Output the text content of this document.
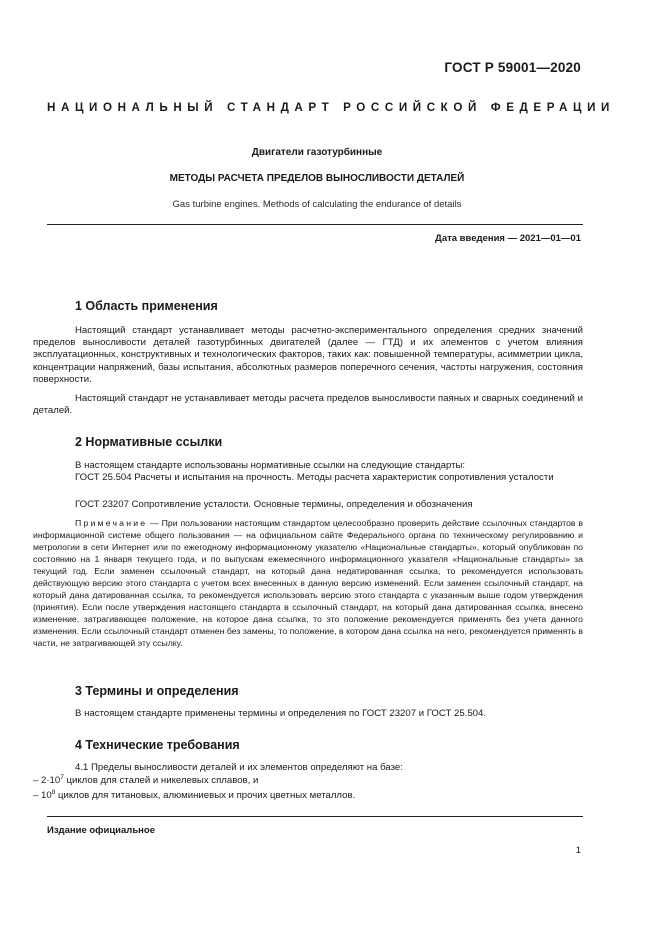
ГОСТ Р 59001—2020
НАЦИОНАЛЬНЫЙ СТАНДАРТ РОССИЙСКОЙ ФЕДЕРАЦИИ
Двигатели газотурбинные
МЕТОДЫ РАСЧЕТА ПРЕДЕЛОВ ВЫНОСЛИВОСТИ ДЕТАЛЕЙ
Gas turbine engines. Methods of calculating the endurance of details
Дата введения — 2021—01—01
1 Область применения

Настоящий стандарт устанавливает методы расчетно-экспериментального определения средних значений пределов выносливости деталей газотурбинных двигателей (далее — ГТД) и их элементов с учетом влияния эксплуатационных, конструктивных и технологических факторов, таких как: повышенной температуры, асимметрии цикла, концентрации напряжений, базы испытания, абсолютных размеров поперечного сечения, частоты нагружения, состояния поверхности.

Настоящий стандарт не устанавливает методы расчета пределов выносливости паяных и сварных соединений и деталей.

2 Нормативные ссылки

В настоящем стандарте использованы нормативные ссылки на следующие стандарты:

ГОСТ 25.504 Расчеты и испытания на прочность. Методы расчета характеристик сопротивления усталости

ГОСТ 23207 Сопротивление усталости. Основные термины, определения и обозначения

Примечание — При пользовании настоящим стандартом целесообразно проверить действие ссылочных стандартов в информационной системе общего пользования — на официальном сайте Федерального органа по техническому регулированию и метрологии в сети Интернет или по ежегодному информационному указателю «Национальные стандарты», который опубликован по состоянию на 1 января текущего года, и по выпускам ежемесячного информационного указателя «Национальные стандарты» за текущий год. Если заменен ссылочный стандарт, на который дана недатированная ссылка, то рекомендуется использовать действующую версию этого стандарта с учетом всех внесенных в данную версию изменений. Если заменен ссылочный стандарт, на который дана датированная ссылка, то рекомендуется использовать версию этого стандарта с указанным выше годом утверждения (принятия). Если после утверждения настоящего стандарта в ссылочный стандарт, на который дана датированная ссылка, внесено изменение, затрагивающее положение, на которое дана ссылка, то это положение рекомендуется применять без учета данного изменения. Если ссылочный стандарт отменен без замены, то положение, в котором дана ссылка на него, рекомендуется применять в части, не затрагивающей эту ссылку.

3 Термины и определения

В настоящем стандарте применены термины и определения по ГОСТ 23207 и ГОСТ 25.504.

4 Технические требования

4.1 Пределы выносливости деталей и их элементов определяют на базе:

– $2\cdot 10^7$ циклов для сталей и никелевых сплавов, и

– $10^8$ циклов для титановых, алюминиевых и прочих цветных металлов.

Издание официальное
1
